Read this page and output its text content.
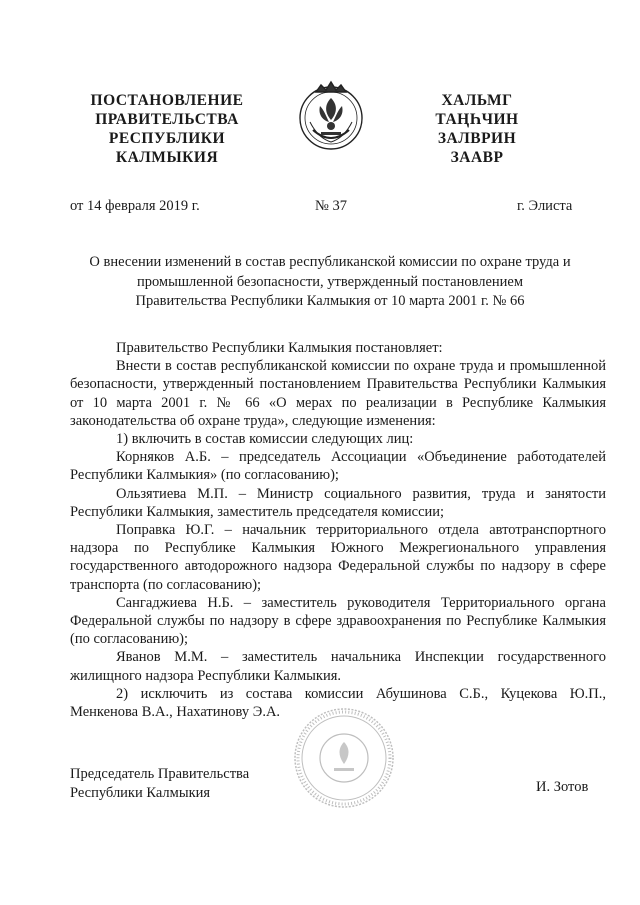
ПОСТАНОВЛЕНИЕ
ПРАВИТЕЛЬСТВА
РЕСПУБЛИКИ
КАЛМЫКИЯ
ХАЛЬМГ
ТАҢҺЧИН
ЗАЛВРИН
ЗААВР
от 14 февраля 2019 г.	№ 37	г. Элиста
О внесении изменений в состав республиканской комиссии по охране труда и
промышленной безопасности, утвержденный постановлением
Правительства Республики Калмыкия от 10 марта 2001 г. № 66

Правительство Республики Калмыкия постановляет:

Внести в состав республиканской комиссии по охране труда и промышленной безопасности, утвержденный постановлением Правительства Республики Калмыкия от 10 марта 2001 г. № 66 «О мерах по реализации в Республике Калмыкия законодательства об охране труда», следующие изменения:

1) включить в состав комиссии следующих лиц:

Корняков А.Б. – председатель Ассоциации «Объединение работодателей Республики Калмыкия» (по согласованию);

Ользятиева М.П. – Министр социального развития, труда и занятости Республики Калмыкия, заместитель председателя комиссии;

Поправка Ю.Г. – начальник территориального отдела автотранспортного надзора по Республике Калмыкия Южного Межрегионального управления государственного автодорожного надзора Федеральной службы по надзору в сфере транспорта (по согласованию);

Сангаджиева Н.Б. – заместитель руководителя Территориального органа Федеральной службы по надзору в сфере здравоохранения по Республике Калмыкия (по согласованию);

Яванов М.М. – заместитель начальника Инспекции государственного жилищного надзора Республики Калмыкия.

2) исключить из состава комиссии Абушинова С.Б., Куцекова Ю.П., Менкенова В.А., Нахатинову Э.А.

Председатель Правительства
Республики Калмыкия	И. Зотов
